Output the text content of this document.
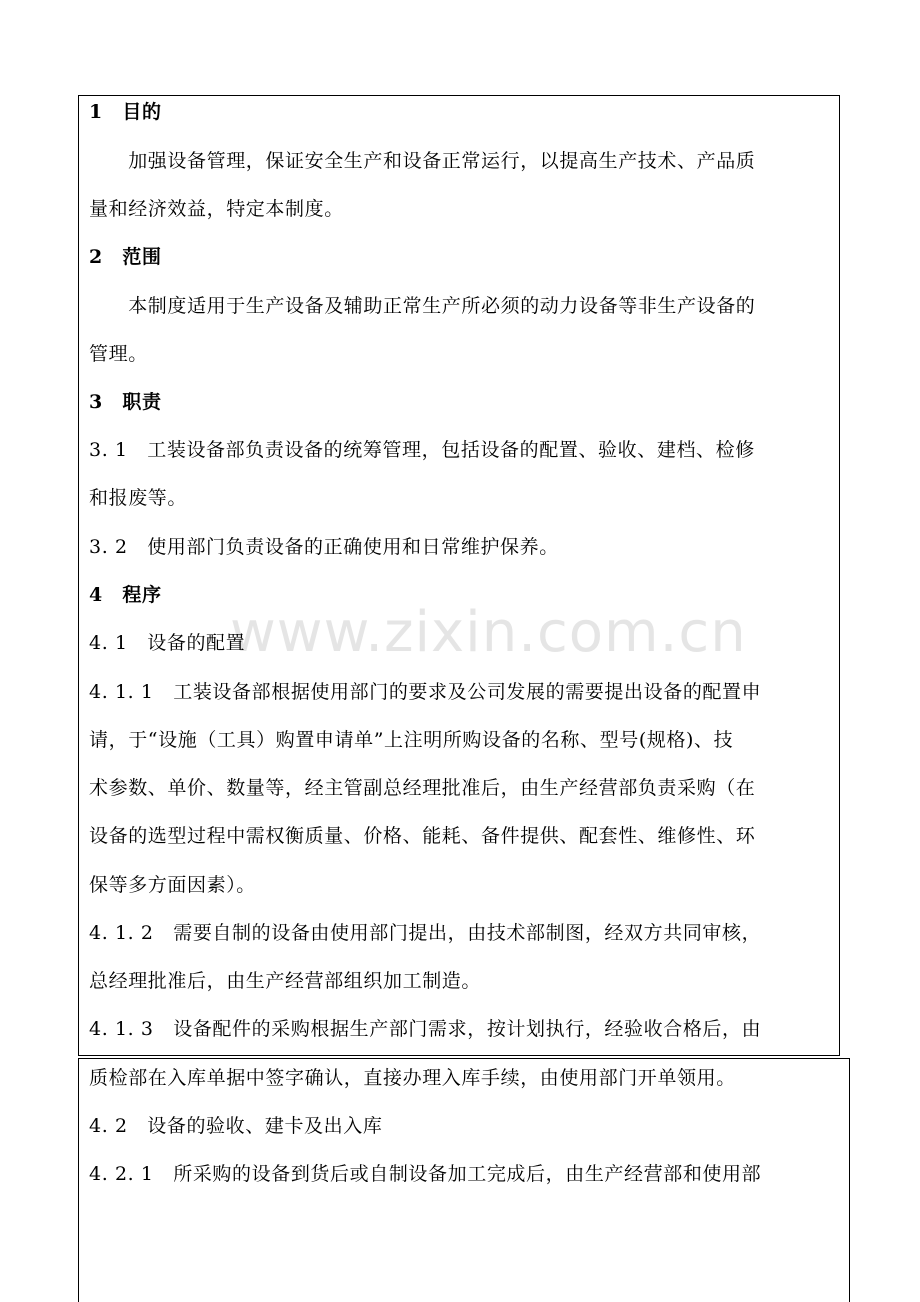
www.zixin.com.cn
1　目的
　　加强设备管理，保证安全生产和设备正常运行，以提高生产技术、产品质
量和经济效益，特定本制度。
2　范围
　　本制度适用于生产设备及辅助正常生产所必须的动力设备等非生产设备的
管理。
3　职责
3. 1　工装设备部负责设备的统筹管理，包括设备的配置、验收、建档、检修
和报废等。
3. 2　使用部门负责设备的正确使用和日常维护保养。
4　程序
4. 1　设备的配置
4. 1. 1　工装设备部根据使用部门的要求及公司发展的需要提出设备的配置申
请，于“设施（工具）购置申请单”上注明所购设备的名称、型号(规格)、技
术参数、单价、数量等，经主管副总经理批准后，由生产经营部负责采购（在
设备的选型过程中需权衡质量、价格、能耗、备件提供、配套性、维修性、环
保等多方面因素）。
4. 1. 2　需要自制的设备由使用部门提出，由技术部制图，经双方共同审核，
总经理批准后，由生产经营部组织加工制造。
4. 1. 3　设备配件的采购根据生产部门需求，按计划执行，经验收合格后，由
质检部在入库单据中签字确认，直接办理入库手续，由使用部门开单领用。
4. 2　设备的验收、建卡及出入库
4. 2. 1　所采购的设备到货后或自制设备加工完成后，由生产经营部和使用部
